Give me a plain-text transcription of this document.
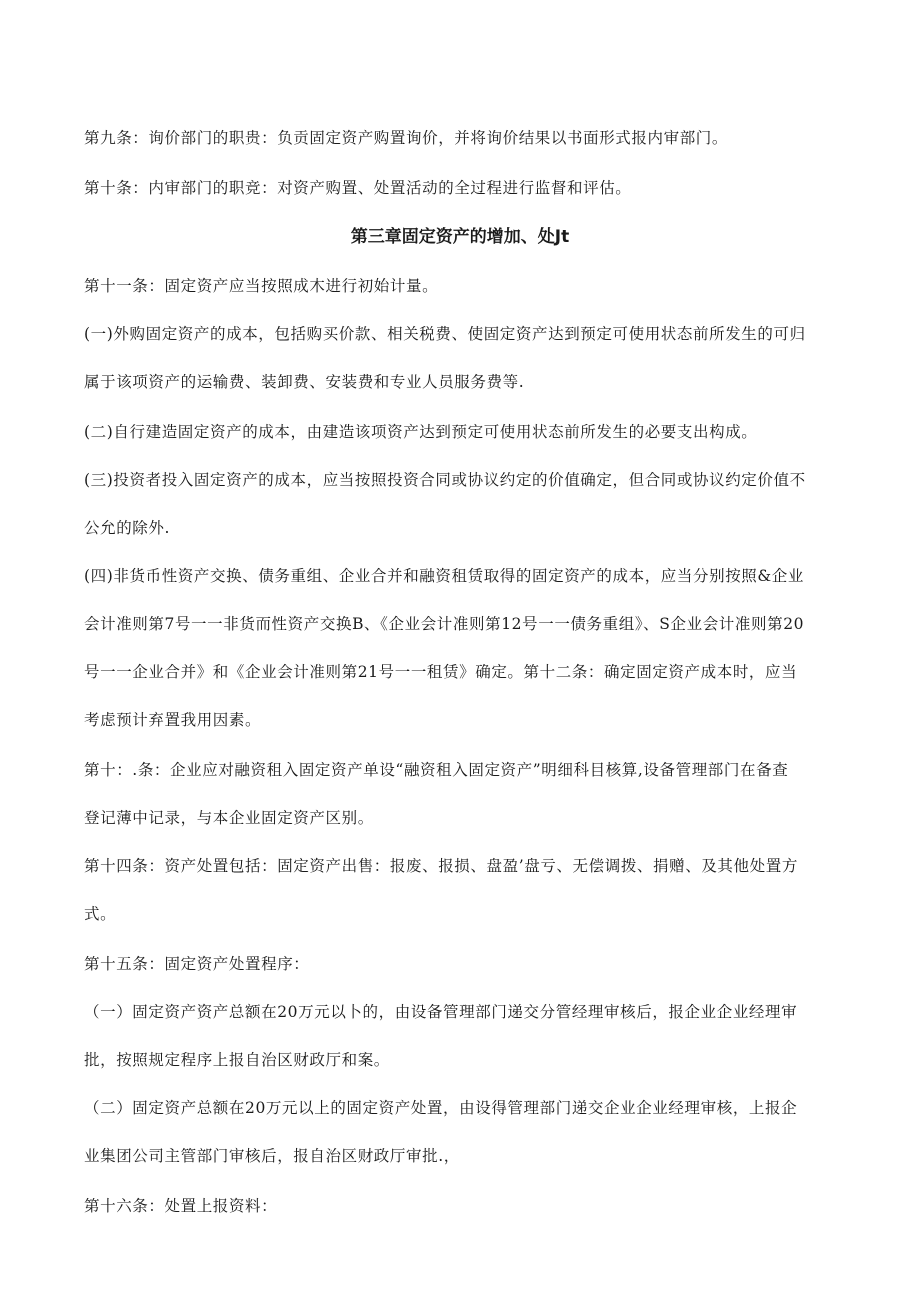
第九条：询价部门的职贵：负贡固定资产购置询价，并将询价结果以书面形式报内审部门。
第十条：内审部门的职竞：对资产购置、处置活动的全过程进行监督和评估。
第三章固定资产的增加、处Jt
第十一条：固定资产应当按照成木进行初始计量。
(一)外购固定资产的成本，包括购买价款、相关税费、使固定资产达到预定可使用状态前所发生的可归
属于该项资产的运输费、装卸费、安装费和专业人员服务费等.
(二)自行建造固定资产的成本，由建造该项资产达到预定可使用状态前所发生的必要支出构成。
(三)投资者投入固定资产的成本，应当按照投资合同或协议约定的价值确定，但合同或协议约定价值不
公允的除外.
(四)非货币性资产交换、债务重组、企业合并和融资租赁取得的固定资产的成本，应当分别按照&企业
会计准则第7号一一非货而性资产交换B、《企业会计准则第12号一一债务重组》、S企业会计准则第20
号一一企业合并》和《企业会计准则第21号一一租赁》确定。第十二条：确定固定资产成本时，应当
考虑预计弃置我用因素。
第十：.条：企业应对融资租入固定资产单设“融资租入固定资产”明细科目核算,设备管理部门在备查
登记薄中记录，与本企业固定资产区别。
第十四条：资产处置包括：固定资产出售：报废、报损、盘盈’盘亏、无偿调拨、捐赠、及其他处置方
式。
第十五条：固定资产处置程序：
（一）固定资产资产总额在20万元以卜的，由设备管理部门递交分管经理审核后，报企业企业经理审
批，按照规定程序上报自治区财政厅和案。
（二）固定资产总额在20万元以上的固定资产处置，由设得管理部门递交企业企业经理审核，上报企
业集团公司主管部门审核后，报自治区财政厅审批.，
第十六条：处置上报资料：
